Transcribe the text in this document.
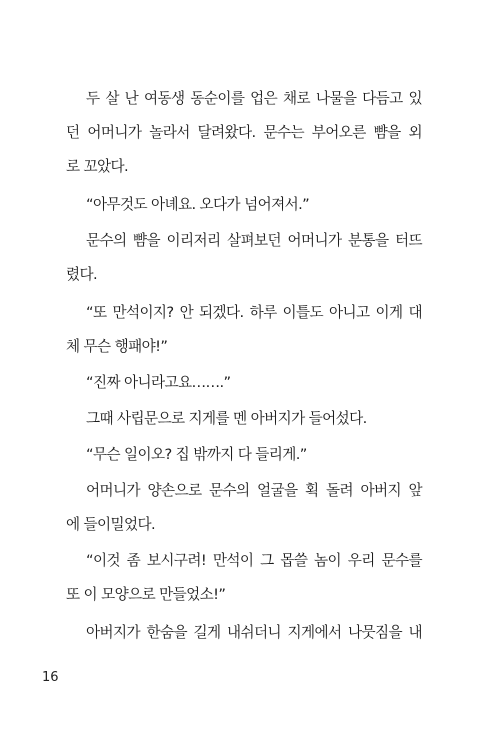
두 살 난 여동생 동순이를 업은 채로 나물을 다듬고 있
던 어머니가 놀라서 달려왔다. 문수는 부어오른 뺨을 외
로 꼬았다.
“아무것도 아녜요. 오다가 넘어져서.”
문수의 뺨을 이리저리 살펴보던 어머니가 분통을 터뜨
렸다.
“또 만석이지? 안 되겠다. 하루 이틀도 아니고 이게 대
체 무슨 행패야!”
“진짜 아니라고요…….”
그때 사립문으로 지게를 멘 아버지가 들어섰다.
“무슨 일이오? 집 밖까지 다 들리게.”
어머니가 양손으로 문수의 얼굴을 획 돌려 아버지 앞
에 들이밀었다.
“이것 좀 보시구려! 만석이 그 몹쓸 놈이 우리 문수를
또 이 모양으로 만들었소!”
아버지가 한숨을 길게 내쉬더니 지게에서 나뭇짐을 내
16
